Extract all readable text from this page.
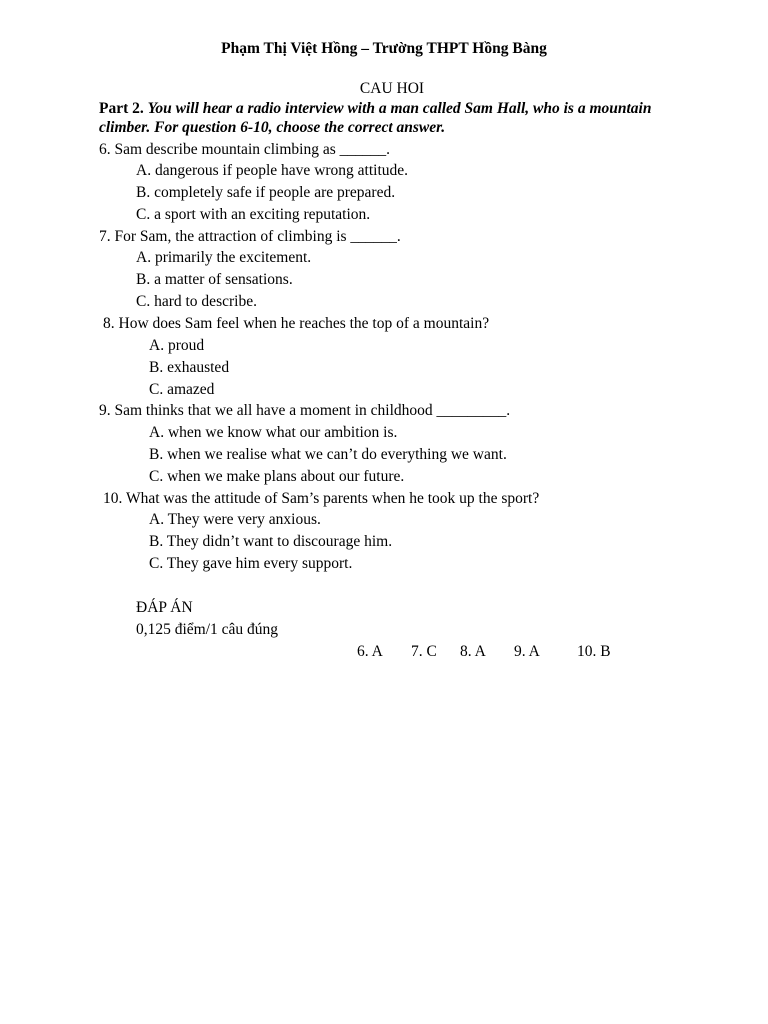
Phạm Thị Việt Hồng – Trường THPT Hồng Bàng
CAU HOI
Part 2. You will hear a radio interview with a man called Sam Hall, who is a mountain
climber. For question 6-10, choose the correct answer.
6. Sam describe mountain climbing as ______.
A. dangerous if people have wrong attitude.
B. completely safe if people are prepared.
C. a sport with an exciting reputation.
7. For Sam, the attraction of climbing is ______.
A. primarily the excitement.
B. a matter of sensations.
C. hard to describe.
8. How does Sam feel when he reaches the top of a mountain?
A. proud
B. exhausted
C. amazed
9. Sam thinks that we all have a moment in childhood _________.
A. when we know what our ambition is.
B. when we realise what we can’t do everything we want.
C. when we make plans about our future.
10. What was the attitude of Sam’s parents when he took up the sport?
A. They were very anxious.
B. They didn’t want to discourage him.
C. They gave him every support.
ĐÁP ÁN
0,125 điểm/1 câu đúng
6. A 7. C 8. A 9. A 10. B
